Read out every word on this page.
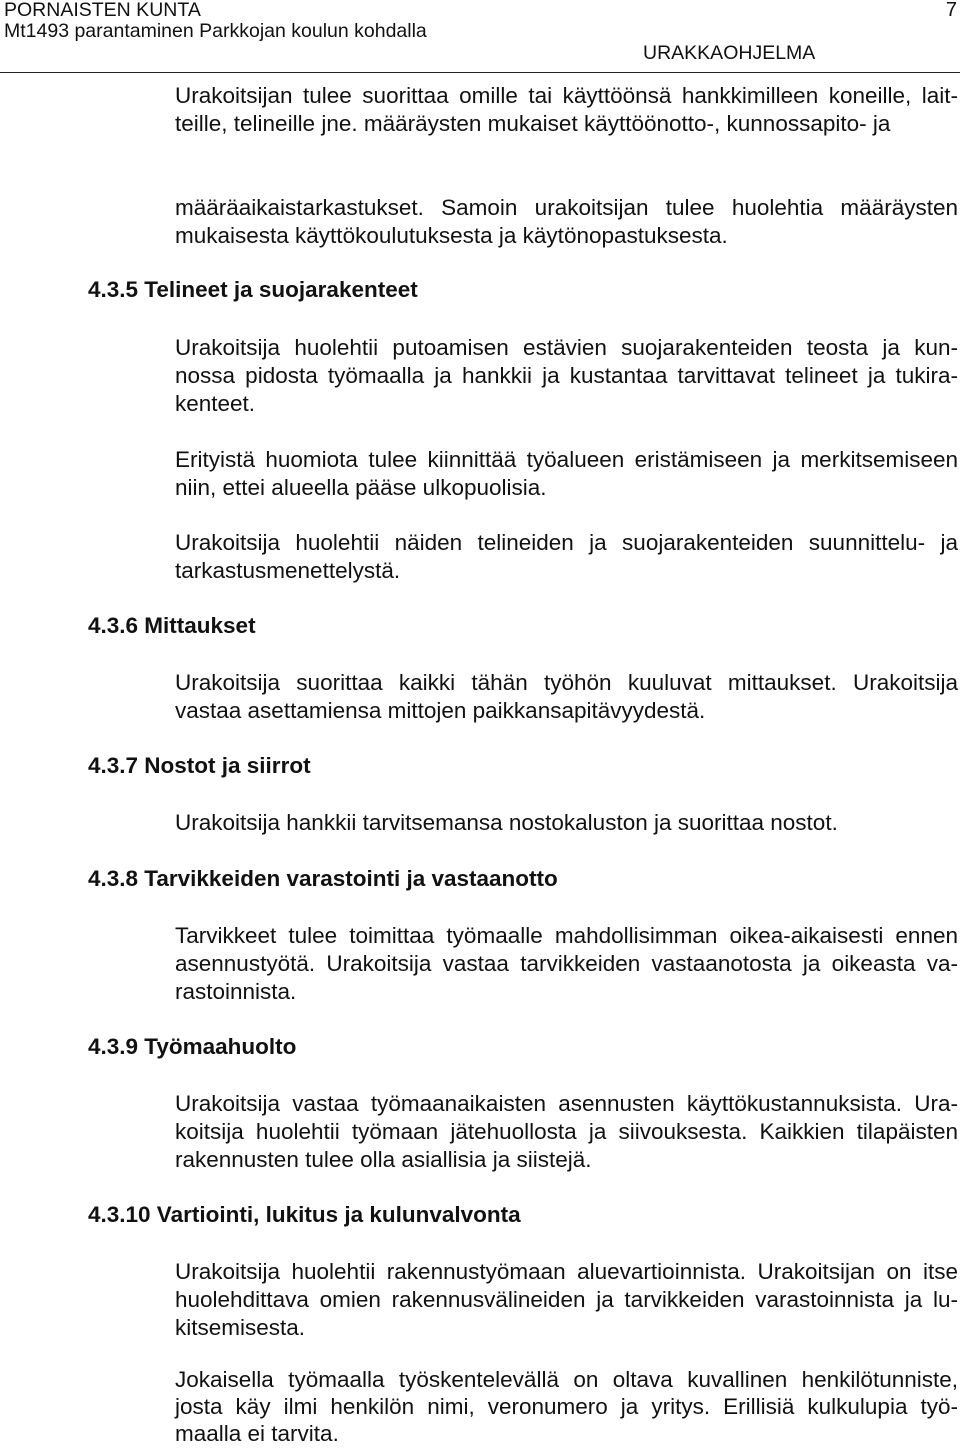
PORNAISTEN KUNTA
Mt1493 parantaminen Parkkojan koulun kohdalla
7
URAKKAOHJELMA
Urakoitsijan tulee suorittaa omille tai käyttöönsä hankkimilleen koneille, lait-
teille, telineille jne. määräysten mukaiset käyttöönotto-, kunnossapito- ja
määräaikaistarkastukset. Samoin urakoitsijan tulee huolehtia määräysten
mukaisesta käyttökoulutuksesta ja käytönopastuksesta.
4.3.5 Telineet ja suojarakenteet
Urakoitsija huolehtii putoamisen estävien suojarakenteiden teosta ja kun-
nossa pidosta työmaalla ja hankkii ja kustantaa tarvittavat telineet ja tukira-
kenteet.
Erityistä huomiota tulee kiinnittää työalueen eristämiseen ja merkitsemiseen
niin, ettei alueella pääse ulkopuolisia.
Urakoitsija huolehtii näiden telineiden ja suojarakenteiden suunnittelu- ja
tarkastusmenettelystä.
4.3.6 Mittaukset
Urakoitsija suorittaa kaikki tähän työhön kuuluvat mittaukset. Urakoitsija
vastaa asettamiensa mittojen paikkansapitävyydestä.
4.3.7 Nostot ja siirrot
Urakoitsija hankkii tarvitsemansa nostokaluston ja suorittaa nostot.
4.3.8 Tarvikkeiden varastointi ja vastaanotto
Tarvikkeet tulee toimittaa työmaalle mahdollisimman oikea-aikaisesti ennen
asennustyötä. Urakoitsija vastaa tarvikkeiden vastaanotosta ja oikeasta va-
rastoinnista.
4.3.9 Työmaahuolto
Urakoitsija vastaa työmaanaikaisten asennusten käyttökustannuksista. Ura-
koitsija huolehtii työmaan jätehuollosta ja siivouksesta. Kaikkien tilapäisten
rakennusten tulee olla asiallisia ja siistejä.
4.3.10 Vartiointi, lukitus ja kulunvalvonta
Urakoitsija huolehtii rakennustyömaan aluevartioinnista. Urakoitsijan on itse
huolehdittava omien rakennusvälineiden ja tarvikkeiden varastoinnista ja lu-
kitsemisesta.
Jokaisella työmaalla työskentelevällä on oltava kuvallinen henkilötunniste,
josta käy ilmi henkilön nimi, veronumero ja yritys. Erillisiä kulkulupia työ-
maalla ei tarvita.
